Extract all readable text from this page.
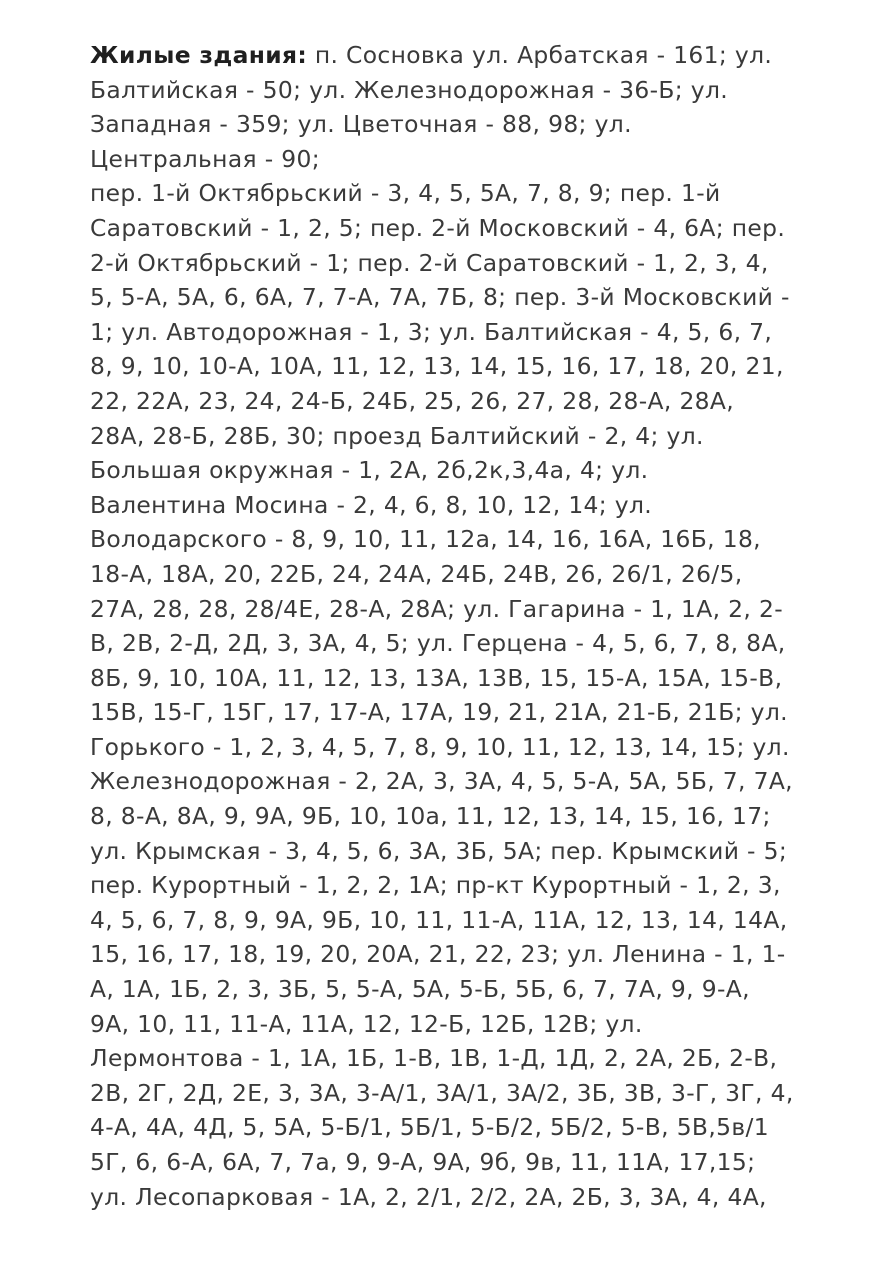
Жилые здания: п. Сосновка ул. Арбатская - 161; ул.
Балтийская - 50; ул. Железнодорожная - 36-Б; ул.
Западная - 359; ул. Цветочная - 88, 98; ул.
Центральная - 90;
пер. 1-й Октябрьский - 3, 4, 5, 5А, 7, 8, 9; пер. 1-й
Саратовский - 1, 2, 5; пер. 2-й Московский - 4, 6А; пер.
2-й Октябрьский - 1; пер. 2-й Саратовский - 1, 2, 3, 4,
5, 5-А, 5А, 6, 6А, 7, 7-А, 7А, 7Б, 8; пер. 3-й Московский -
1; ул. Автодорожная - 1, 3; ул. Балтийская - 4, 5, 6, 7,
8, 9, 10, 10-А, 10А, 11, 12, 13, 14, 15, 16, 17, 18, 20, 21,
22, 22А, 23, 24, 24-Б, 24Б, 25, 26, 27, 28, 28-А, 28А,
28А, 28-Б, 28Б, 30; проезд Балтийский - 2, 4; ул.
Большая окружная - 1, 2А, 2б,2к,3,4а, 4; ул.
Валентина Мосина - 2, 4, 6, 8, 10, 12, 14; ул.
Володарского - 8, 9, 10, 11, 12а, 14, 16, 16А, 16Б, 18,
18-А, 18А, 20, 22Б, 24, 24А, 24Б, 24В, 26, 26/1, 26/5,
27А, 28, 28, 28/4Е, 28-А, 28А; ул. Гагарина - 1, 1А, 2, 2-
В, 2В, 2-Д, 2Д, 3, 3А, 4, 5; ул. Герцена - 4, 5, 6, 7, 8, 8А,
8Б, 9, 10, 10А, 11, 12, 13, 13А, 13В, 15, 15-А, 15А, 15-В,
15В, 15-Г, 15Г, 17, 17-А, 17А, 19, 21, 21А, 21-Б, 21Б; ул.
Горького - 1, 2, 3, 4, 5, 7, 8, 9, 10, 11, 12, 13, 14, 15; ул.
Железнодорожная - 2, 2А, 3, 3А, 4, 5, 5-А, 5А, 5Б, 7, 7А,
8, 8-А, 8А, 9, 9А, 9Б, 10, 10а, 11, 12, 13, 14, 15, 16, 17;
ул. Крымская - 3, 4, 5, 6, 3А, 3Б, 5А; пер. Крымский - 5;
пер. Курортный - 1, 2, 2, 1А; пр-кт Курортный - 1, 2, 3,
4, 5, 6, 7, 8, 9, 9А, 9Б, 10, 11, 11-А, 11А, 12, 13, 14, 14А,
15, 16, 17, 18, 19, 20, 20А, 21, 22, 23; ул. Ленина - 1, 1-
А, 1А, 1Б, 2, 3, 3Б, 5, 5-А, 5А, 5-Б, 5Б, 6, 7, 7А, 9, 9-А,
9А, 10, 11, 11-А, 11А, 12, 12-Б, 12Б, 12В; ул.
Лермонтова - 1, 1А, 1Б, 1-В, 1В, 1-Д, 1Д, 2, 2А, 2Б, 2-В,
2В, 2Г, 2Д, 2Е, 3, 3А, 3-А/1, 3А/1, 3А/2, 3Б, 3В, 3-Г, 3Г, 4,
4-А, 4А, 4Д, 5, 5А, 5-Б/1, 5Б/1, 5-Б/2, 5Б/2, 5-В, 5В,5в/1
5Г, 6, 6-А, 6А, 7, 7а, 9, 9-А, 9А, 9б, 9в, 11, 11А, 17,15;
ул. Лесопарковая - 1А, 2, 2/1, 2/2, 2А, 2Б, 3, 3А, 4, 4А,
